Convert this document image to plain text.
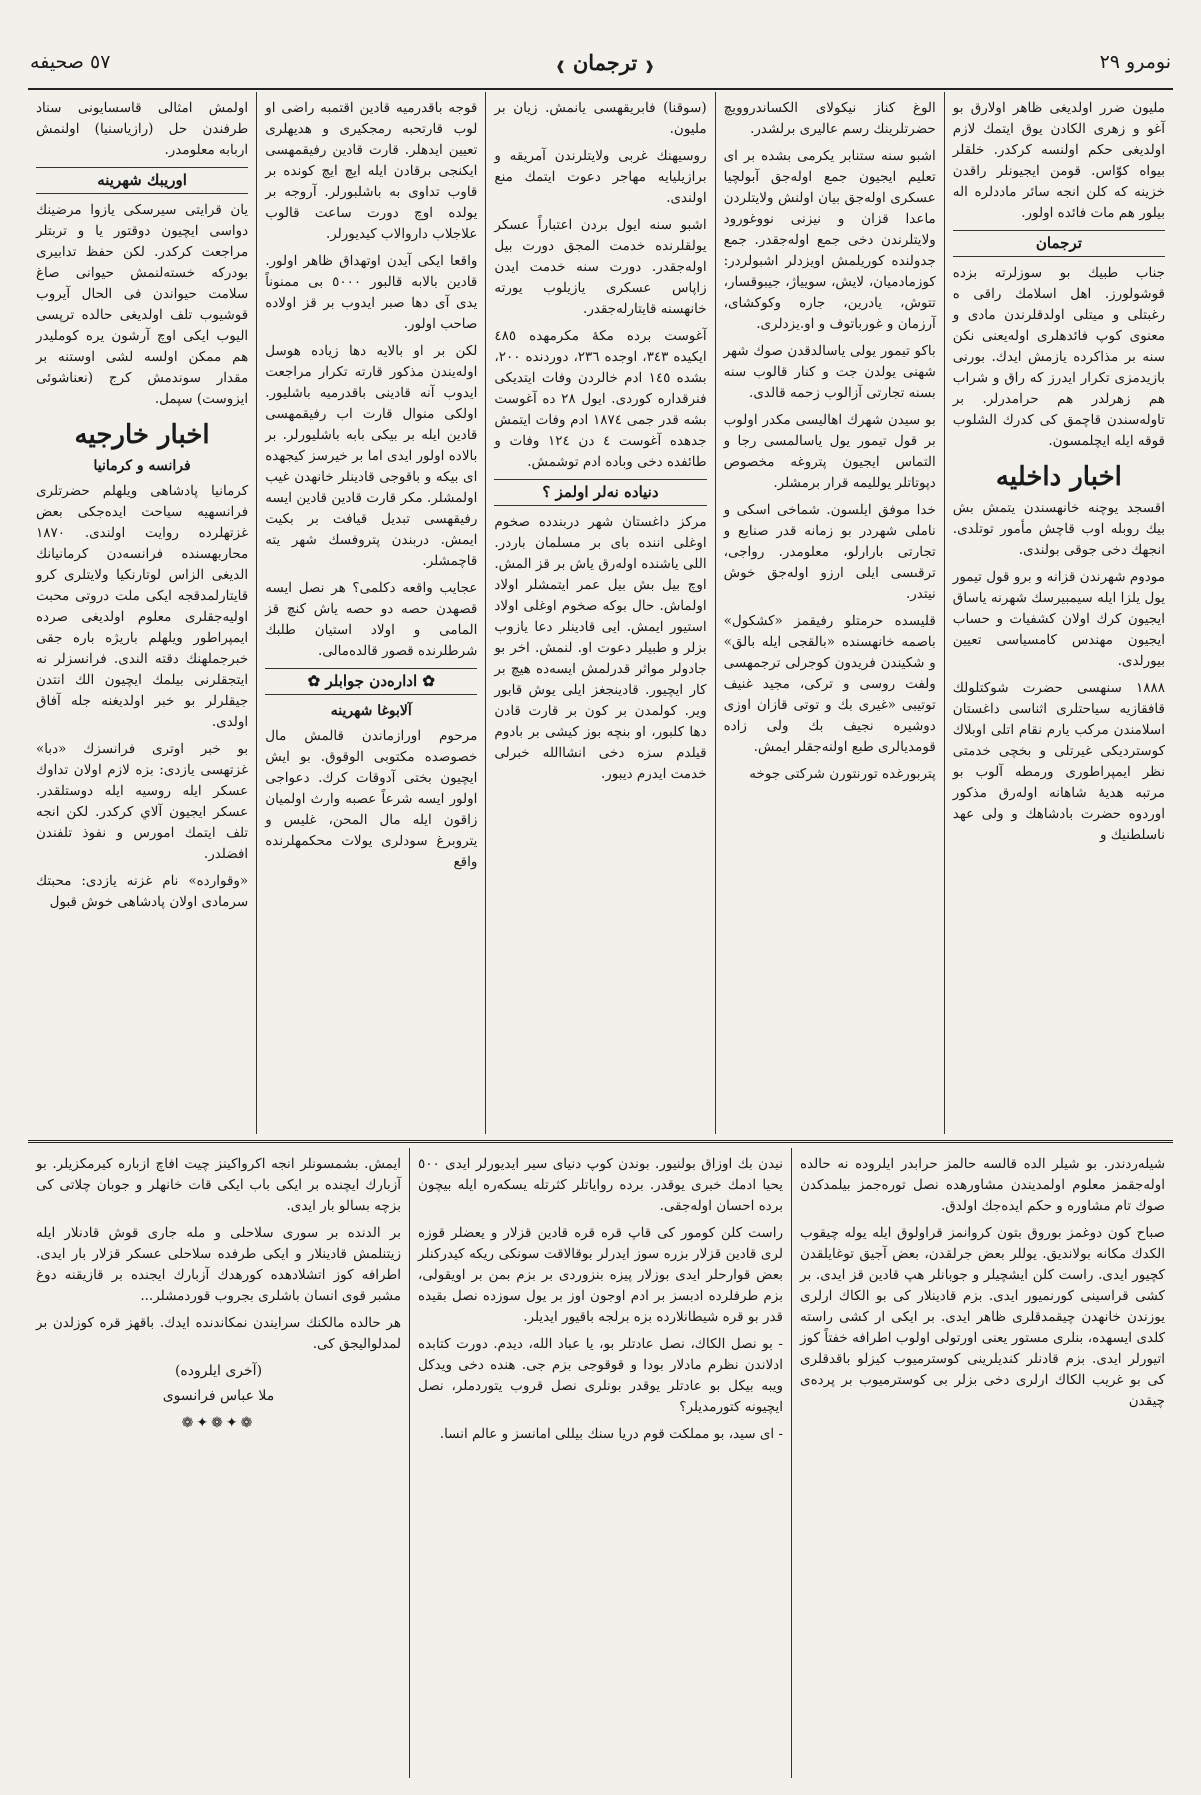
نومرو ٢٩
❰ ترجمان ❱
٥٧ صحيفه

مليون ضرر اولديغى ظاهر اولارق بو آغو و زهرى الكادن يوق ايتمك لازم اولديغى حكم اولنسه كركدر. خلقلر بيواه كوّاس. قومن ايجيونلر راقدن خزينه كه كلن انجه سائر ماددلره اله بيلور هم مات فائده اولور.

ترجمان

جناب طبيك بو سوزلرته بزده قوشولورز. اهل اسلامك راقى ه رغبتلى و ميتلى اولدقلرندن مادى و معنوى كوپ فائدهلرى اولەيعنى نكن سنه بر مذاكرده يازمش ايدك. بورنى بازيدمزى تكرار ايدرز كه راق و شراب هم زهرلدر هم حرامدرلر. بر تاولەسندن قاچمق كى كدرك الشلوب قوقه ايله ايچلمسون.

اخبار داخليه

اقسجد يوچنه خانهسندن يتمش بش بيك روبله اوب قاچش مأمور توتلدى. انجهك دخى جوقى بولندى.

مودوم شهرندن قزانه و برو قول تيمور يول يلزا ايله سيمبيرسك شهرنه ياساق ايجيون كرك اولان كشفيات و حساب ايجيون مهندس كامسياسى تعيين بيورلدى.

١٨٨٨ سنهسى حضرت شوكتلولك قافقازيه سياحتلرى اثناسى داغستان اسلامندن مركب يارم نقام اتلى اوبلاك كوسترديكى غيرتلى و بخچى خدمتى نظر ايمپراطورى ورمطه آلوب بو مرتبه هديهٔ شاهانه اولەرق مذكور اوردوه حضرت بادشاهك و ولى عهد ناسلطنيك و

الوغ كناز نيكولاى الكساندروويچ حضرتلرينك رسم عاليرى برلشدر.

اشبو سنه ستنابر يكرمى بشده بر اى تعليم ايجيون جمع اولەجق آبولچيا عسكرى اولەجق بيان اولنش ولايتلردن ماعدا قزان و نيزنى نووغورود ولايتلرندن دخى جمع اولەجقدر. جمع جدولنده كوريلمش اويزدلر اشبولردر: كوزمادميان، لايش، سويياژ، جيبوقسار، تتوش، يادرين، جاره وكوكشاى، آرزمان و غورباتوف و او.يزدلرى.

باكو تيمور يولى ياسالدقدن صوك شهر شهنى يولدن جت و كنار قالوب سنه بسنه تجارتى آزالوب زحمه قالدى.

بو سيدن شهرك اهاليسى مكدر اولوب بر قول تيمور يول ياسالمسى رجا و التماس ايجيون پتروغه مخصوص دپوتاتلر يولليمه قرار برمشلر.

خدا موفق ايلسون. شماخى اسكى و ناملى شهردر بو زمانه قدر صنايع و تجارتى بارارلو، معلومدر. رواجى، ترقىسى ايلى ارزو اولەجق خوش نيتدر.

قليسده حرمتلو رفيقمز «كشكول» باصمه خانهسنده «بالقجى ايله بالق» و شكيندن فريدون كوجرلى ترجمهسى ولفت روسى و تركى، مجيد غنيف توتيبى «غيرى بك و توتى قازان اوزى دوشيره نجيف بك ولى زاده قومديالرى طبع اولنەجقلر ايمش.

پتربورغده تورنتورن شركتى جوخه

(سوقنا) فابريقهسى يانمش. زيان بر مليون.

روسيهنك غربى ولايتلرندن آمريقه و برازيليايه مهاجر دعوت ايتمك منع اولندى.

اشبو سنه ايول بردن اعتباراً عسكر يولقلرنده خدمت المجق دورت بيل اولەجقدر. دورت سنه خدمت ايدن زاپاس عسكرى يازيلوب يورته خانهسنه قايتارلەجقدر.

آغوست برده مكهٔ مكرمهده ٤٨٥ ايكيده ٣٤٣، اوجده ٢٣٦، دوردنده ٢٠٠، بشده ١٤٥ ادم خالردن وفات ايتديكى فنرقداره كوردى. ايول ٢٨ ده آغوست بشه قدر جمى ١٨٧٤ ادم وفات ايتمش جدهده آغوست ٤ دن ١٢٤ وفات و طائفده دخى وباده ادم توشمش.

دنياده نەلر اولمز ؟

مركز داغستان شهر دربندده صخوم اوغلى اننده باى بر مسلمان باردر. اللى ياشنده اولەرق ياش بر قز المش. اوچ بيل بش بيل عمر ايتمشلر اولاد اولماش. حال بوكه صخوم اوغلى اولاد استيور ايمش. ايى قادينلر دعا يازوب بزلر و طبيلر دعوت او. لنمش. اخر بو جادولر مواثر قدرلمش ايسەده هيچ بر كار ايچيور. قادينجغز ايلى يوش قابور وير. كولمدن بر كون بر قارت قادن دها كلبور، او بنچه بوز كيشى بر بادوم قيلدم سزه دخى انشاالله خبرلى خدمت ايدرم ديبور.

قوجه باقدرميه قادين اقتمبه راضى او لوب قارتحبه رمجكيرى و هديهلرى تعيين ايدهلر. قارت قادين رفيقمهسى ايكنجى برقادن ايله ايچ ايچ كونده بر قاوب تداوى به باشلبورلر. آروجه بر يولده اوچ دورت ساعت قالوب علاجلاب داروالاب كيديورلر.

واقعا ايكى آيدن اوتهداق ظاهر اولور. قادين بالابه قالبور ٥٠٠٠ بى ممنوناً يدى آى دها صبر ايدوب بر قز اولاده صاحب اولور.

لكن بر او بالايه دها زياده هوسل اولەيندن مذكور قارته تكرار مراجعت ايدوب آنه قادينى باقدرميه باشليور. اولكى منوال قارت اب رفيقمهسى قادين ايله بر بيكى بابه باشليورلر. بر بالاده اولور ايدى اما بر خيرسز كيجهده اى بيكه و باقوجى قادينلر خانهدن غيب اولمشلر. مكر قارت قادين قادين ايسه رفيقهسى تبديل قيافت بر بكيت ايمش. دربندن پتروفسك شهر يته قاچمشلر.

عجايب واقعه دكلمى؟ هر نصل ايسه قصهدن حصه دو حصه ياش كنچ قز المامى و اولاد استيان طلبك شرطلرنده قصور قالدەمالى.

✿ اداره‌دن جوابلر ✿
آلابوغا شهرينه

مرحوم اورازماندن قالمش مال خصوصده مكتوبى الوقوق. بو ايش ايچيون بختى آدوقات كرك. دعواجى اولور ايسه شرعاً عصبه وارث اولميان زاقون ايله مال المحن، غليس و يتروبرغ سودلرى يولات محكمهلرنده واقع

اولمش امثالى قاسسايونى سناد طرفندن حل (رازياسنيا) اولنمش اربابه معلومدر.

اوريبك شهرينه

يان قرايتى سيرسكى يازوا مرضينك دواسى ايچيون دوقتور يا و تربتلر مراجعت كركدر. لكن حفظ تدابيرى بودركه خسته‌لنمش حيوانى صاغ سلامت حيواندن فى الحال آيروب قوشيوب تلف اولديغى حالده ترپسى اليوب ايكى اوچ آرشون يره كومليدر هم ممكن اولسه لشى اوستنه بر مقدار سوندمش كرج (نعناشوئى ايزوست) سپمل.

اخبار خارجيه
فرانسه و كرمانيا

كرمانيا پادشاهى ويلهلم حضرتلرى فرانسهيه سياحت ايدەجكى بعض غزتهلرده روايت اولندى. ١٨٧٠ محاربهسنده فرانسه‌دن كرمانيانك الديغى الزاس لوتارنكيا ولايتلرى كرو قايتارلمدقجه ايكى ملت دروتى محبت اوليه‌جقلرى معلوم اولديغى صرده ايمپراطور ويلهلم باريژه باره جقى خبرجملهنك دقته الندى. فرانسزلر نه ايتجقلرنى بيلمك ايچيون الك انتدن جيقلرلر بو خبر اولديغنه جله آفاق اولدى.

بو خبر اوترى فرانسزك «دبا» غزتهسى يازدى: بزه لازم اولان تداوك عسكر ايله روسيه ايله دوستلقدر. عسكر ايجيون آلاي كركدر. لكن انجه تلف ايتمك امورس و نفوذ تلفندن افضلدر.

«وقوارده» نام غزنه يازدى: محبتك سرمادى اولان پادشاهى خوش قبول

شيلەردندر. بو شيلر الده قالسه حالمز حرابدر ايلروده نه حالده اولەجقمز معلوم اولمديندن مشاورهده نصل تورەجمز بيلمدكدن صوك تام مشاوره و حكم ايدەجك اولدق.

صباح كون دوغمز بوروق بتون كروانمز قراولوق ايله يوله چيقوب الكدك مكانه بولانديق. يوللر بعض جرلقدن، بعض آجيق توغايلقدن كچيور ايدى. راست كلن ايشچيلر و جوبانلر هپ قادين قز ايدى. بر كشى قراسينى كورنميور ايدى. بزم قادينلار كى بو الكاك ارلرى يوزندن خانهدن چيقمدقلرى ظاهر ايدى. بر ايكى ار كشى راسته كلدى ايسهده، بنلرى مستور يعنى اورتولى اولوب اطرافه خفتاً كوز اتيورلر ايدى. بزم قادنلر كنديلرينى كوسترميوب كيزلو باقدقلرى كى بو غريب الكاك ارلرى دخى بزلر بى كوسترميوب بر پرده‌ى چيقدن

نيدن بك اوزاق بولنيور. بوندن كوپ دنياى سير ايديورلر ايدى ٥٠٠ يحيا ادمك خبرى يوقدر. برده رواياتلر كثرتله يسكەره ايله بيچون برده احسان اولەجقى.

راست كلن كومور كى قاپ قره قره قادين قزلار و يعضلر قوزه لرى قادين قزلار بزره سوز ايدرلر بوقالاقت سونكى ريكه كيدركنلر بعض قوارحلر ايدى بوزلار پيزه بنزوردى بر بزم بمن بر اويقولى، بزم طرفلرده ادبسز بر ادم اوجون اوز بر يول سوزده نصل بقيده قدر بو قره شيطانلارده بزه برلجه باقيور ايديلر.

- بو نصل الكاك، نصل عادتلر بو، يا عباد الله، ديدم. دورت كتابده ادلاندن نظرم مادلار بودا و قوقوجى بزم جى. هنده دخى ويدكل ويبه بيكل بو عادتلر يوقدر بونلرى نصل قروب يتوردملر، نصل ايچيونه كتورمديلر؟

- اى سيد، بو مملكت قوم دريا سنك بيللى امانسز و عالم انسا.

ايمش. بشمسونلر انجه اكرواكينز چيت افاچ ازباره كيرمكزيلر. بو آزبارك ايچنده بر ايكى باب ايكى قات خانهلر و جوبان چلاتى كى بزچه بسالو بار ايدى.

بر الدنده بر سورى سلاحلى و مله جارى قوش قادنلار ايله زيتنلمش قادينلار و ايكى طرفده سلاحلى عسكر قزلار بار ايدى. اطرافه كوز اتشلادهده كورهدك آزبارك ايجنده بر قازيقنه دوغ مشبر قوى انسان باشلرى بجروب قوردمشلر...

هر حالده مالكنك سرايندن نمكاندنده ايدك. باقهز قره كوزلدن بر لمدلواليجق كى.

(آخرى ايلروده)
ملا عباس فرانسوى
❁✦❁✦❁
